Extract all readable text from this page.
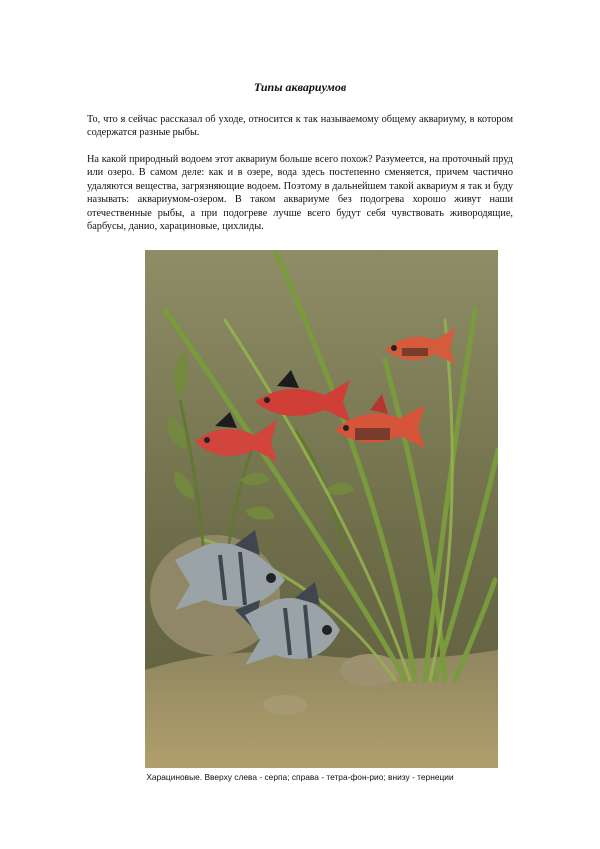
Типы аквариумов

То, что я сейчас рассказал об уходе, относится к так называемому общему аквариуму, в котором содержатся разные рыбы.

На какой природный водоем этот аквариум больше всего похож? Разумеется, на проточный пруд или озеро. В самом деле: как и в озере, вода здесь постепенно сменяется, причем частично удаляются вещества, загрязняющие водоем. Поэтому в дальнейшем такой аквариум я так и буду называть: аквариумом-озером. В таком аквариуме без подогрева хорошо живут наши отечественные рыбы, а при подогреве лучше всего будут себя чувствовать живородящие, барбусы, данио, харациновые, цихлиды.

Харациновые. Вверху слева - серпа; справа - тетра-фон-рио; внизу - тернеции
